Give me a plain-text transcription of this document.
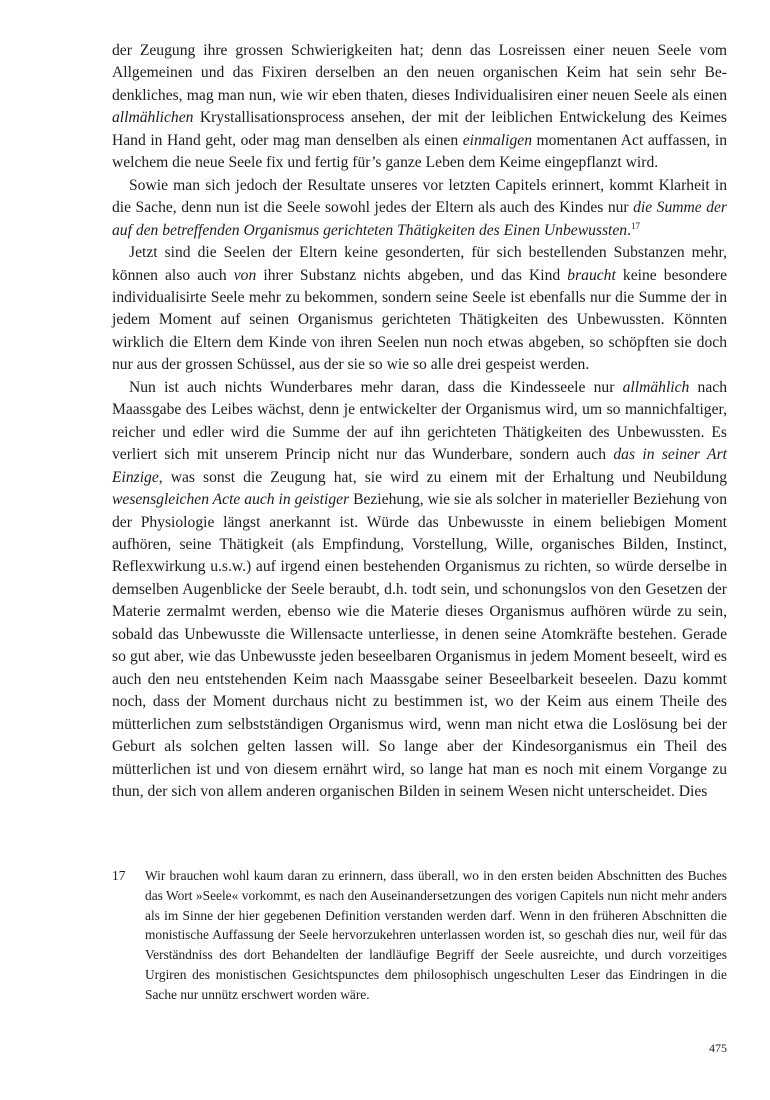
der Zeugung ihre grossen Schwierigkeiten hat; denn das Losreissen einer neuen Seele vom Allgemeinen und das Fixiren derselben an den neuen organischen Keim hat sein sehr Bedenkliches, mag man nun, wie wir eben thaten, dieses Individualisiren einer neuen Seele als einen allmählichen Krystallisationsprocess ansehen, der mit der leiblichen Entwickelung des Keimes Hand in Hand geht, oder mag man denselben als einen einmaligen momentanen Act auffassen, in welchem die neue Seele fix und fertig für’s ganze Leben dem Keime eingepflanzt wird.

Sowie man sich jedoch der Resultate unseres vor letzten Capitels erinnert, kommt Klarheit in die Sache, denn nun ist die Seele sowohl jedes der Eltern als auch des Kindes nur die Summe der auf den betreffenden Organismus gerichteten Thätigkeiten des Einen Unbewussten.$^{17}$

Jetzt sind die Seelen der Eltern keine gesonderten, für sich bestellenden Substanzen mehr, können also auch von ihrer Substanz nichts abgeben, und das Kind braucht keine besondere individualisirte Seele mehr zu bekommen, sondern seine Seele ist ebenfalls nur die Summe der in jedem Moment auf seinen Organismus gerichteten Thätigkeiten des Unbewussten. Könnten wirklich die Eltern dem Kinde von ihren Seelen nun noch etwas abgeben, so schöpften sie doch nur aus der grossen Schüssel, aus der sie so wie so alle drei gespeist werden.

Nun ist auch nichts Wunderbares mehr daran, dass die Kindesseele nur allmählich nach Maassgabe des Leibes wächst, denn je entwickelter der Organismus wird, um so mannichfaltiger, reicher und edler wird die Summe der auf ihn gerichteten Thätigkeiten des Unbewussten. Es verliert sich mit unserem Princip nicht nur das Wunderbare, sondern auch das in seiner Art Einzige, was sonst die Zeugung hat, sie wird zu einem mit der Erhaltung und Neubildung wesensgleichen Acte auch in geistiger Beziehung, wie sie als solcher in materieller Beziehung von der Physiologie längst anerkannt ist. Würde das Unbewusste in einem beliebigen Moment aufhören, seine Thätigkeit (als Empfindung, Vorstellung, Wille, organisches Bilden, Instinct, Reflexwirkung u.s.w.) auf irgend einen bestehenden Organismus zu richten, so würde derselbe in demselben Augenblicke der Seele beraubt, d.h. todt sein, und schonungslos von den Gesetzen der Materie zermalmt werden, ebenso wie die Materie dieses Organismus aufhören würde zu sein, sobald das Unbewusste die Willensacte unterliesse, in denen seine Atomkräfte bestehen. Gerade so gut aber, wie das Unbewusste jeden beseelbaren Organismus in jedem Moment beseelt, wird es auch den neu entstehenden Keim nach Maassgabe seiner Beseelbarkeit beseelen. Dazu kommt noch, dass der Moment durchaus nicht zu bestimmen ist, wo der Keim aus einem Theile des mütterlichen zum selbstständigen Organismus wird, wenn man nicht etwa die Loslösung bei der Geburt als solchen gelten lassen will. So lange aber der Kindesorganismus ein Theil des mütterlichen ist und von diesem ernährt wird, so lange hat man es noch mit einem Vorgange zu thun, der sich von allem anderen organischen Bilden in seinem Wesen nicht unterscheidet. Dies

17	Wir brauchen wohl kaum daran zu erinnern, dass überall, wo in den ersten beiden Abschnitten des Buches das Wort »Seele« vorkommt, es nach den Auseinandersetzungen des vorigen Capitels nun nicht mehr anders als im Sinne der hier gegebenen Definition verstanden werden darf. Wenn in den früheren Abschnitten die monistische Auffassung der Seele hervorzukehren unterlassen worden ist, so geschah dies nur, weil für das Verständniss des dort Behandelten der landläufige Begriff der Seele ausreichte, und durch vorzeitiges Urgiren des monistischen Gesichtspunctes dem philosophisch ungeschulten Leser das Eindringen in die Sache nur unnütz erschwert worden wäre.
475
